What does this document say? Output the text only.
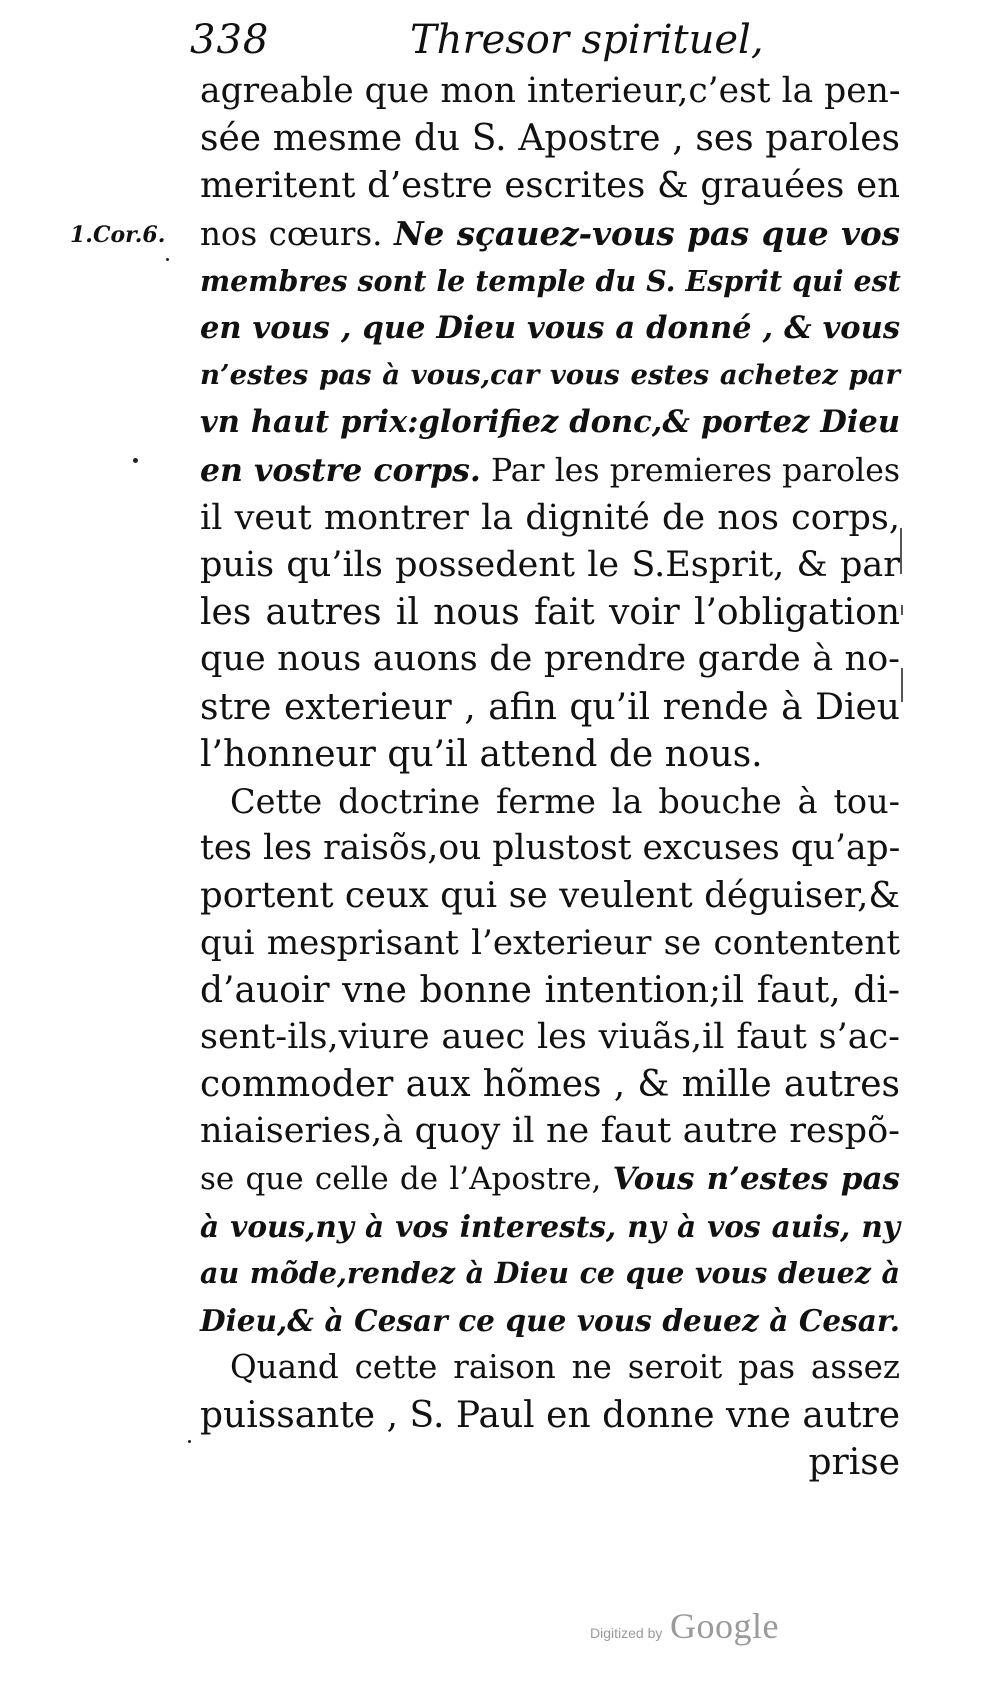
338	Thresor spirituel,
1.Cor.6.
agreable que mon interieur,c’est la pen-
sée mesme du S. Apostre , ses paroles
meritent d’estre escrites & grauées en
nos cœurs. Ne sçauez-vous pas que vos
membres sont le temple du S. Esprit qui est
en vous , que Dieu vous a donné , & vous
n’estes pas à vous,car vous estes achetez par
vn haut prix:glorifiez donc,& portez Dieu
en vostre corps. Par les premieres paroles
il veut montrer la dignité de nos corps,
puis qu’ils possedent le S.Esprit, & par
les autres il nous fait voir l’obligation
que nous auons de prendre garde à no-
stre exterieur , afin qu’il rende à Dieu
l’honneur qu’il attend de nous.
Cette doctrine ferme la bouche à tou-
tes les raisõs,ou plustost excuses qu’ap-
portent ceux qui se veulent déguiser,&
qui mesprisant l’exterieur se contentent
d’auoir vne bonne intention;il faut, di-
sent-ils,viure auec les viuãs,il faut s’ac-
commoder aux hõmes , & mille autres
niaiseries,à quoy il ne faut autre respõ-
se que celle de l’Apostre, Vous n’estes pas
à vous,ny à vos interests, ny à vos auis, ny
au mõde,rendez à Dieu ce que vous deuez à
Dieu,& à Cesar ce que vous deuez à Cesar.
Quand cette raison ne seroit pas assez
puissante , S. Paul en donne vne autre
prise
Digitized by Google
